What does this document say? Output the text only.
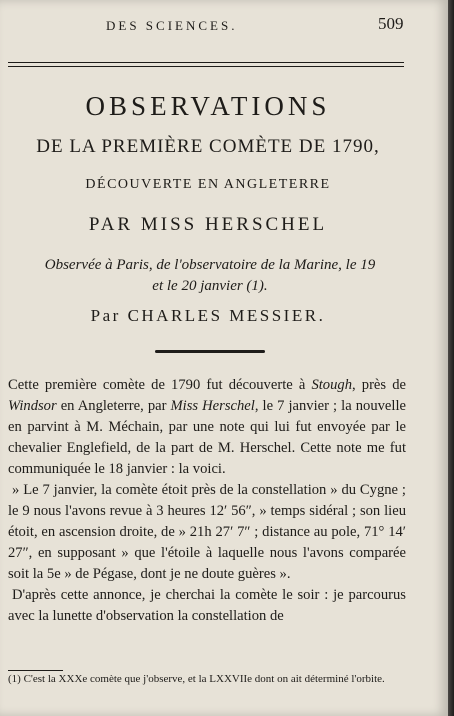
DES SCIENCES.	509
OBSERVATIONS
DE LA PREMIÈRE COMÈTE DE 1790,
DÉCOUVERTE EN ANGLETERRE
PAR MISS HERSCHEL
Observée à Paris, de l'observatoire de la Marine, le 19
et le 20 janvier (1).
Par CHARLES MESSIER.

Cette première comète de 1790 fut découverte à Stough, près de Windsor en Angleterre, par Miss Herschel, le 7 janvier ; la nouvelle en parvint à M. Méchain, par une note qui lui fut envoyée par le chevalier Englefield, de la part de M. Herschel. Cette note me fut communiquée le 18 janvier : la voici.

» Le 7 janvier, la comète étoit près de la constellation » du Cygne ; le 9 nous l'avons revue à 3 heures 12′ 56″, » temps sidéral ; son lieu étoit, en ascension droite, de » 21h 27′ 7″ ; distance au pole, 71° 14′ 27″, en supposant » que l'étoile à laquelle nous l'avons comparée soit la 5e » de Pégase, dont je ne doute guères ».

D'après cette annonce, je cherchai la comète le soir : je parcourus avec la lunette d'observation la constellation de

(1) C'est la XXXe comète que j'observe, et la LXXVIIe dont on ait déterminé l'orbite.
